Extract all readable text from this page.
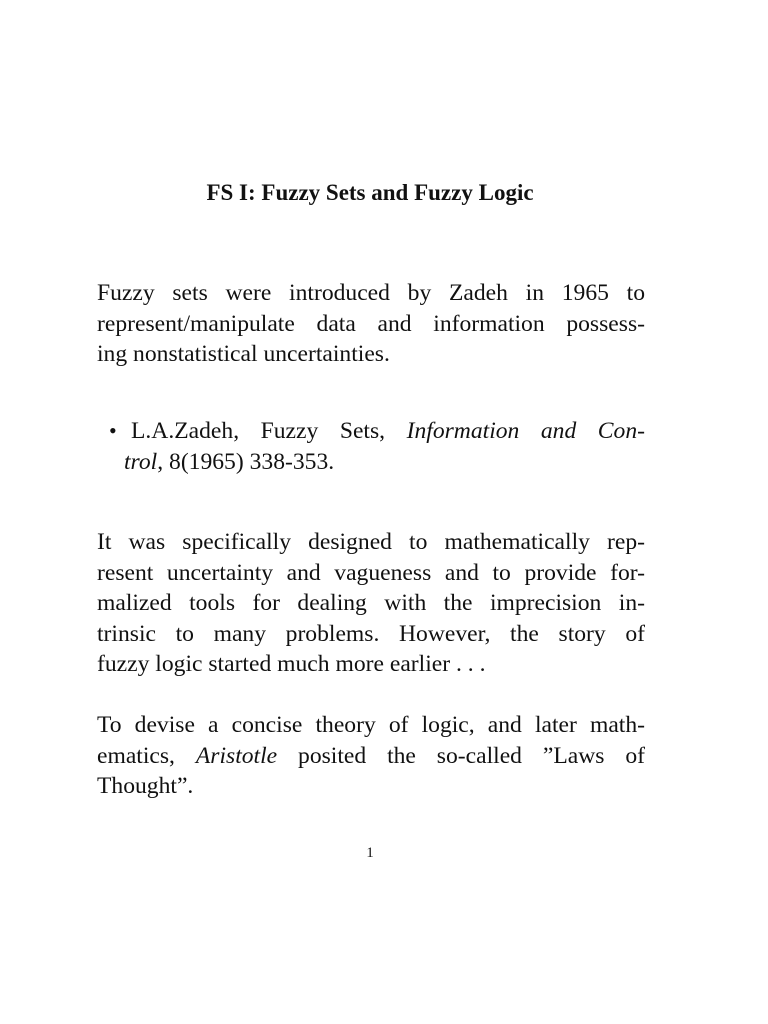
FS I: Fuzzy Sets and Fuzzy Logic
Fuzzy sets were introduced by Zadeh in 1965 to
represent/manipulate data and information possess-
ing nonstatistical uncertainties.
• L.A.Zadeh, Fuzzy Sets, Information and Con-
trol, 8(1965) 338-353.
It was specifically designed to mathematically rep-
resent uncertainty and vagueness and to provide for-
malized tools for dealing with the imprecision in-
trinsic to many problems. However, the story of
fuzzy logic started much more earlier . . .
To devise a concise theory of logic, and later math-
ematics, Aristotle posited the so-called ”Laws of
Thought”.
1
